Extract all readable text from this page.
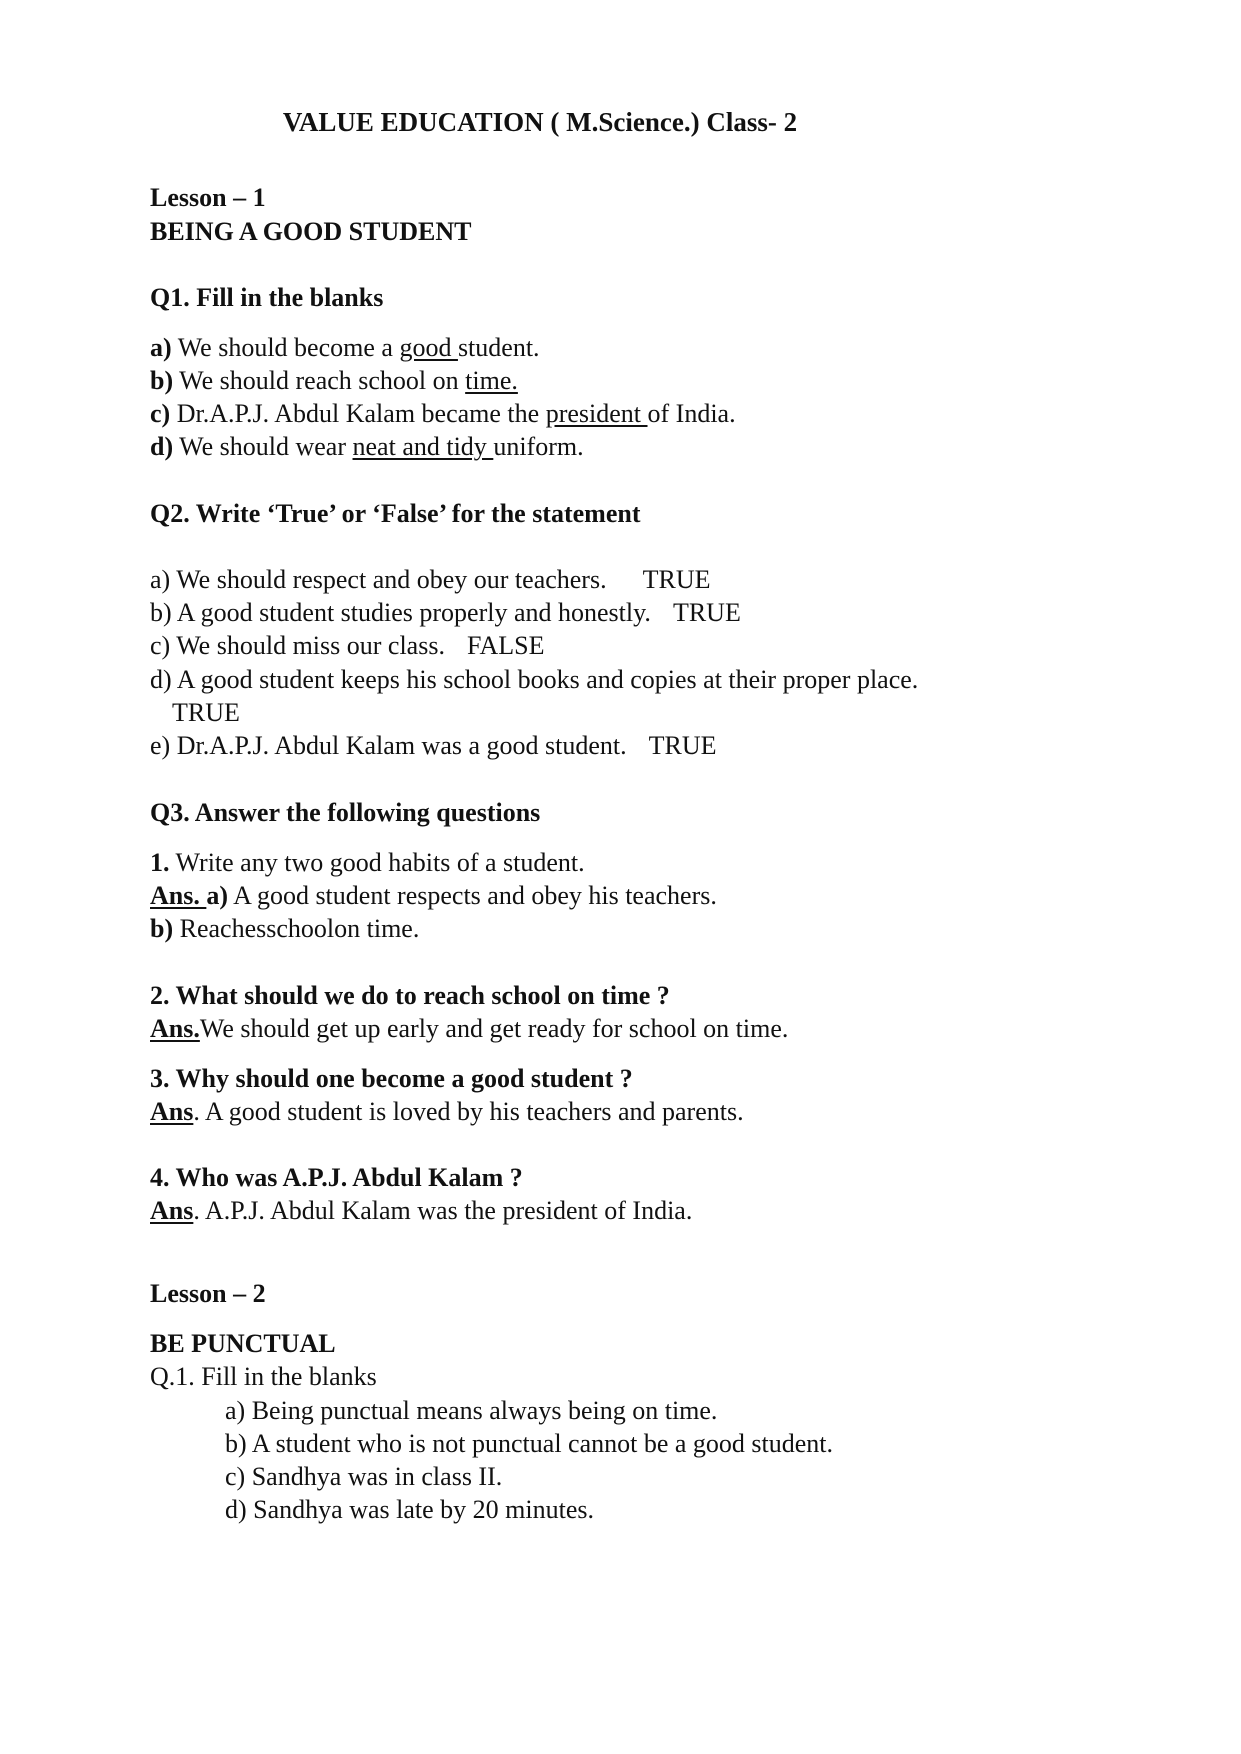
VALUE EDUCATION ( M.Science.) Class- 2
Lesson – 1
BEING A GOOD STUDENT
Q1. Fill in the blanks
a) We should become a good student.
b) We should reach school on time.
c) Dr.A.P.J. Abdul Kalam became the president of India.
d) We should wear neat and tidy uniform.
Q2. Write ‘True’ or ‘False’ for the statement
a) We should respect and obey our teachers. TRUE
b) A good student studies properly and honestly. TRUE
c) We should miss our class. FALSE
d) A good student keeps his school books and copies at their proper place.
TRUE
e) Dr.A.P.J. Abdul Kalam was a good student. TRUE
Q3. Answer the following questions
1. Write any two good habits of a student.
Ans. a) A good student respects and obey his teachers.
b) Reachesschoolon time.
2. What should we do to reach school on time ?
Ans.We should get up early and get ready for school on time.
3. Why should one become a good student ?
Ans. A good student is loved by his teachers and parents.
4. Who was A.P.J. Abdul Kalam ?
Ans. A.P.J. Abdul Kalam was the president of India.
Lesson – 2
BE PUNCTUAL
Q.1. Fill in the blanks
a) Being punctual means always being on time.
b) A student who is not punctual cannot be a good student.
c) Sandhya was in class II.
d) Sandhya was late by 20 minutes.
